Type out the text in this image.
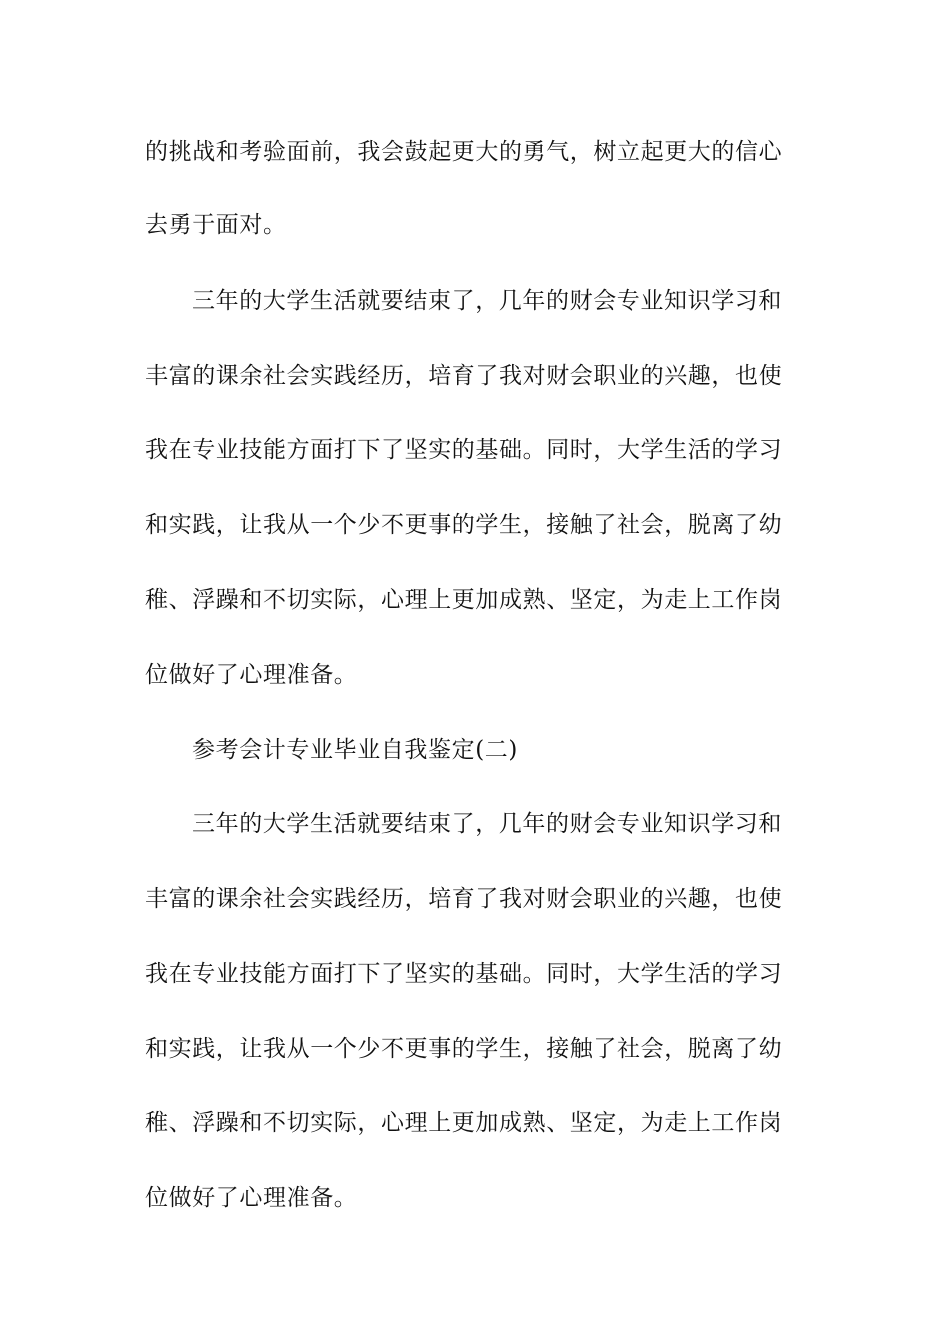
的挑战和考验面前，我会鼓起更大的勇气，树立起更大的信心
去勇于面对。
三年的大学生活就要结束了，几年的财会专业知识学习和
丰富的课余社会实践经历，培育了我对财会职业的兴趣，也使
我在专业技能方面打下了坚实的基础。同时，大学生活的学习
和实践，让我从一个少不更事的学生，接触了社会，脱离了幼
稚、浮躁和不切实际，心理上更加成熟、坚定，为走上工作岗
位做好了心理准备。
参考会计专业毕业自我鉴定(二)
三年的大学生活就要结束了，几年的财会专业知识学习和
丰富的课余社会实践经历，培育了我对财会职业的兴趣，也使
我在专业技能方面打下了坚实的基础。同时，大学生活的学习
和实践，让我从一个少不更事的学生，接触了社会，脱离了幼
稚、浮躁和不切实际，心理上更加成熟、坚定，为走上工作岗
位做好了心理准备。
